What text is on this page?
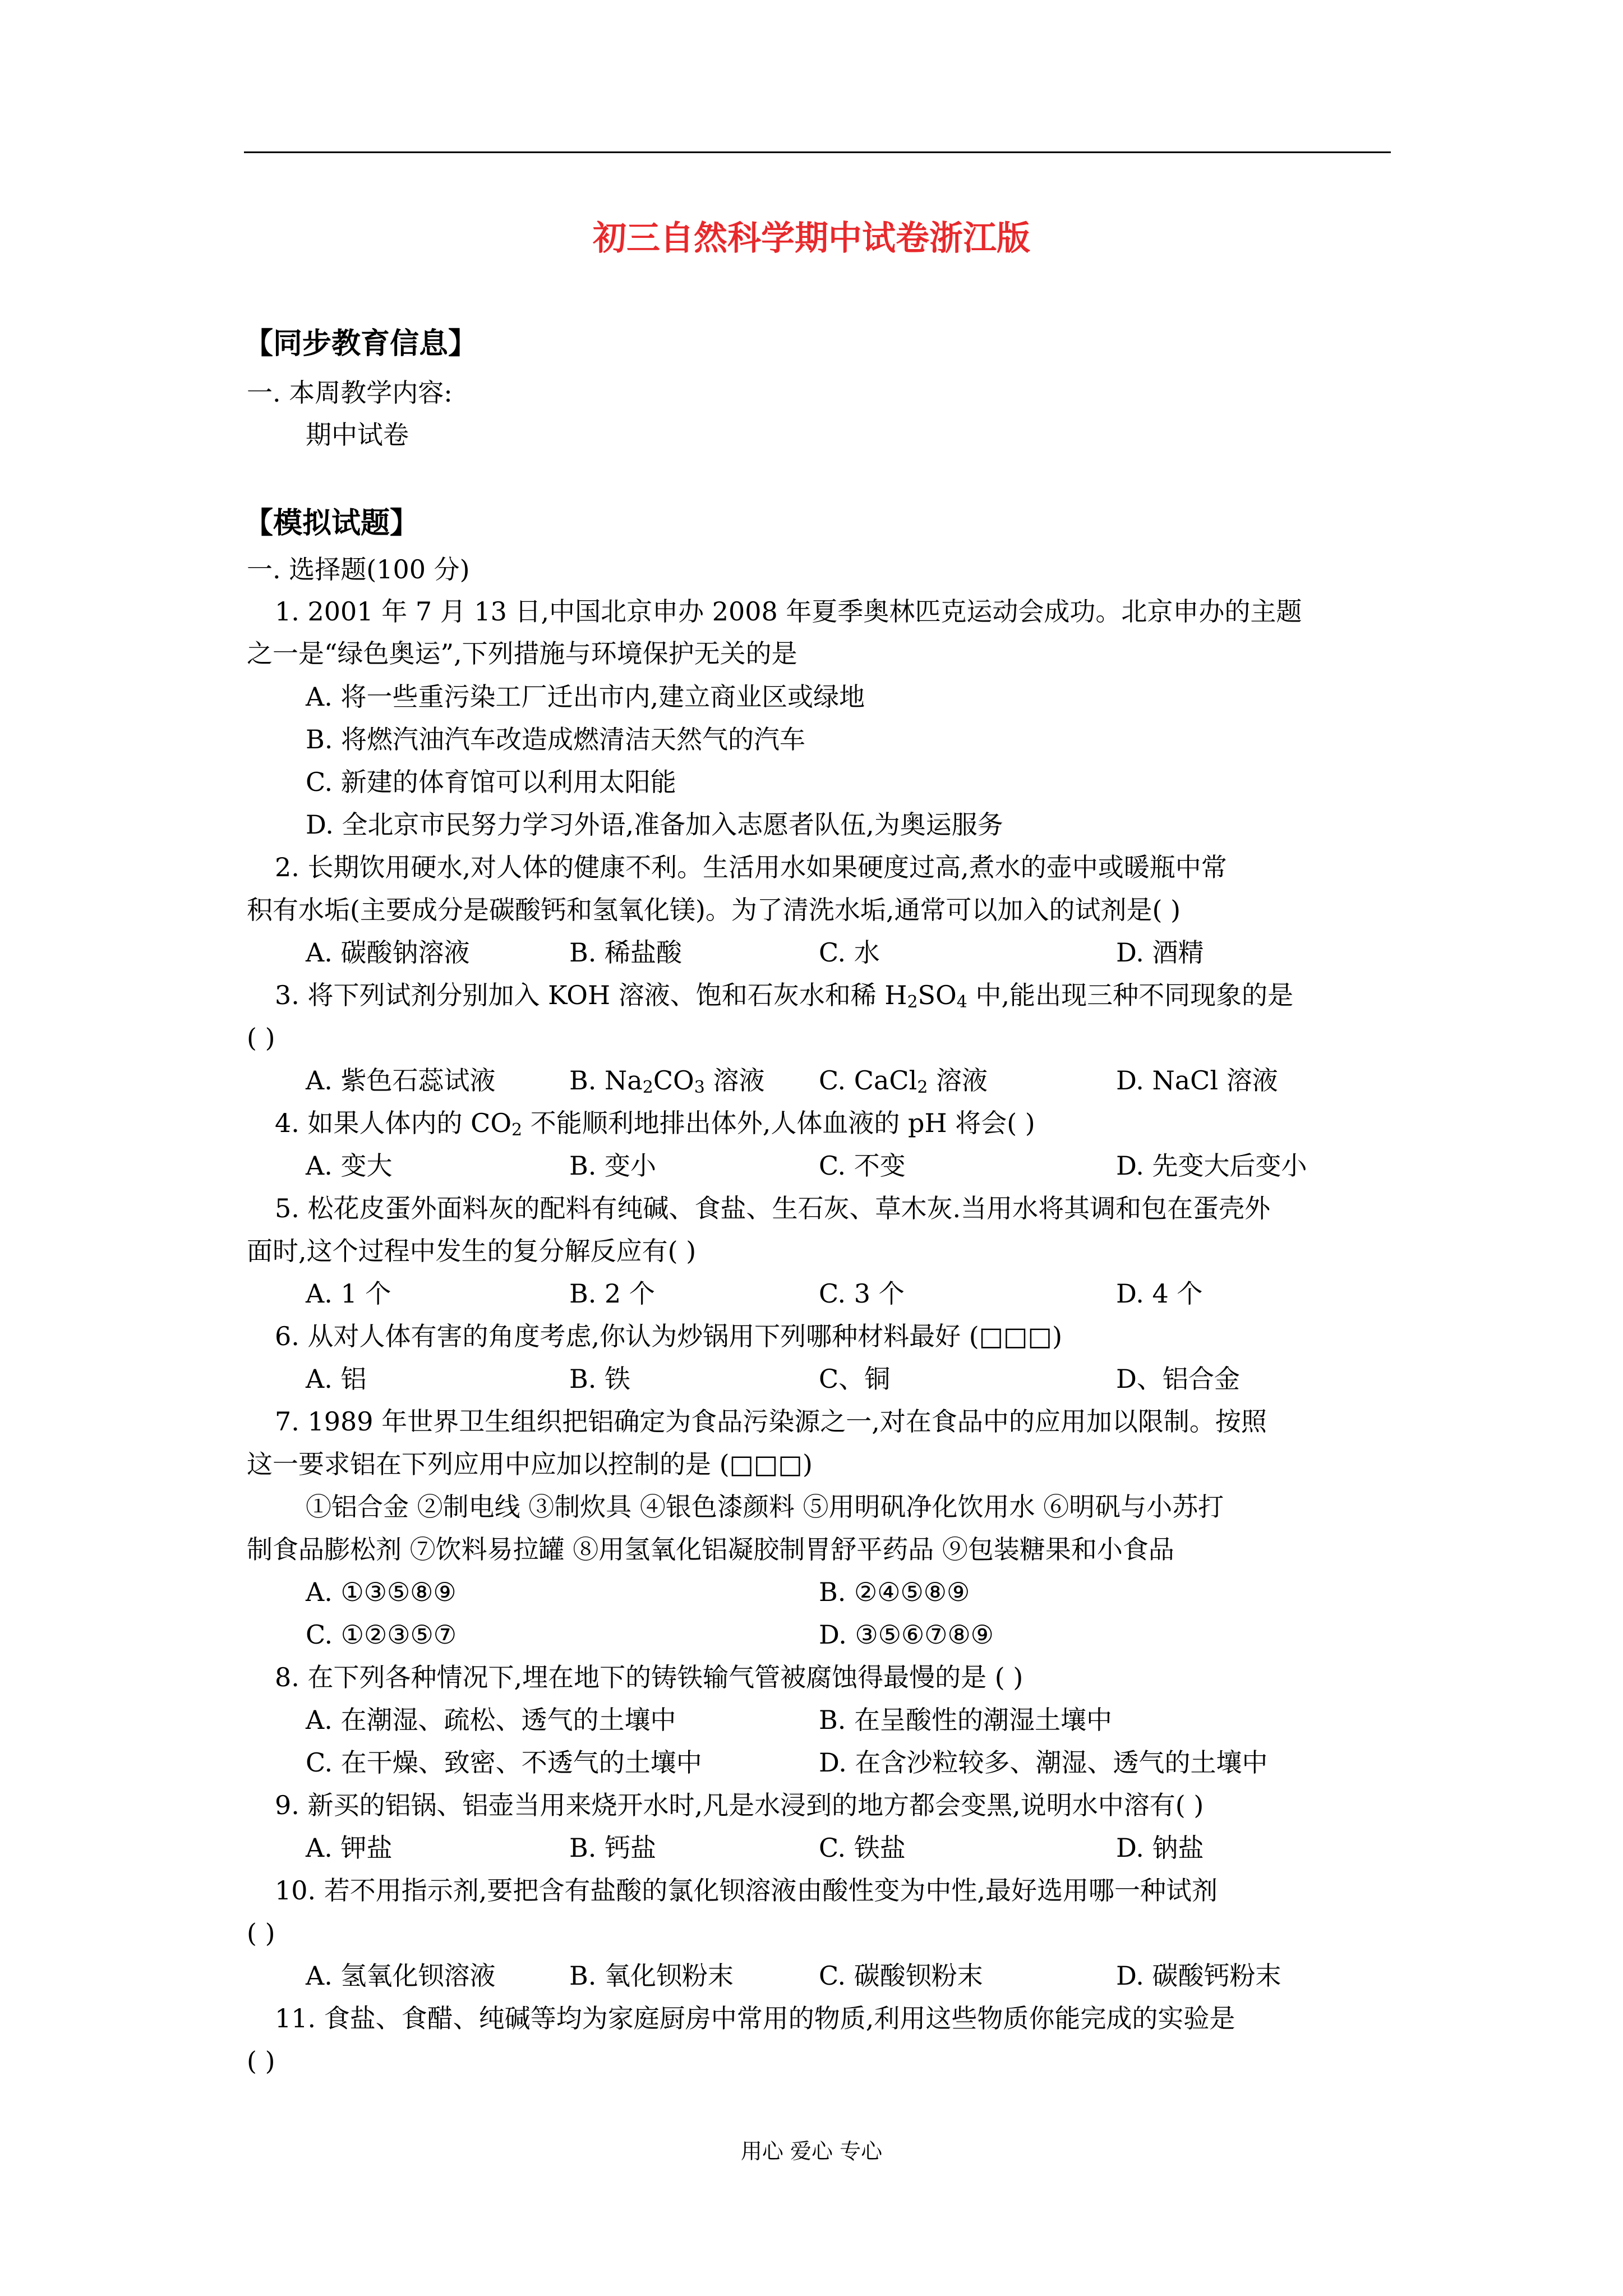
初三自然科学期中试卷浙江版
【同步教育信息】
一. 本周教学内容:
期中试卷
【模拟试题】
一. 选择题(100 分)
1. 2001 年 7 月 13 日,中国北京申办 2008 年夏季奥林匹克运动会成功。北京申办的主题
之一是“绿色奥运”,下列措施与环境保护无关的是
A. 将一些重污染工厂迁出市内,建立商业区或绿地
B. 将燃汽油汽车改造成燃清洁天然气的汽车
C. 新建的体育馆可以利用太阳能
D. 全北京市民努力学习外语,准备加入志愿者队伍,为奥运服务
2. 长期饮用硬水,对人体的健康不利。生活用水如果硬度过高,煮水的壶中或暖瓶中常
积有水垢(主要成分是碳酸钙和氢氧化镁)。为了清洗水垢,通常可以加入的试剂是( )
A. 碳酸钠溶液	B. 稀盐酸	C. 水	D. 酒精
3. 将下列试剂分别加入 KOH 溶液、饱和石灰水和稀 $H_2SO_4$ 中,能出现三种不同现象的是
( )
A. 紫色石蕊试液	B. $Na_2CO_3$ 溶液 C. CaCl$_2$ 溶液	D. NaCl 溶液
4. 如果人体内的 $CO_2$ 不能顺利地排出体外,人体血液的 pH 将会( )
A. 变大	B. 变小	C. 不变	D. 先变大后变小
5. 松花皮蛋外面料灰的配料有纯碱、食盐、生石灰、草木灰.当用水将其调和包在蛋壳外
面时,这个过程中发生的复分解反应有( )
A. 1 个	B. 2 个	C. 3 个	D. 4 个
6. 从对人体有害的角度考虑,你认为炒锅用下列哪种材料最好 (□□□)
A. 铝	B. 铁	C、铜	D、铝合金
7. 1989 年世界卫生组织把铝确定为食品污染源之一,对在食品中的应用加以限制。按照
这一要求铝在下列应用中应加以控制的是 (□□□)
①铝合金 ②制电线 ③制炊具 ④银色漆颜料 ⑤用明矾净化饮用水 ⑥明矾与小苏打
制食品膨松剂 ⑦饮料易拉罐 ⑧用氢氧化铝凝胶制胃舒平药品 ⑨包装糖果和小食品
A. ①③⑤⑧⑨	B. ②④⑤⑧⑨
C. ①②③⑤⑦	D. ③⑤⑥⑦⑧⑨
8. 在下列各种情况下,埋在地下的铸铁输气管被腐蚀得最慢的是 ( )
A. 在潮湿、疏松、透气的土壤中	B. 在呈酸性的潮湿土壤中
C. 在干燥、致密、不透气的土壤中	D. 在含沙粒较多、潮湿、透气的土壤中
9. 新买的铝锅、铝壶当用来烧开水时,凡是水浸到的地方都会变黑,说明水中溶有( )
A. 钾盐	B. 钙盐	C. 铁盐	D. 钠盐
10. 若不用指示剂,要把含有盐酸的氯化钡溶液由酸性变为中性,最好选用哪一种试剂
( )
A. 氢氧化钡溶液	B. 氧化钡粉末	C. 碳酸钡粉末	D. 碳酸钙粉末
11. 食盐、食醋、纯碱等均为家庭厨房中常用的物质,利用这些物质你能完成的实验是
( )
用心 爱心 专心
